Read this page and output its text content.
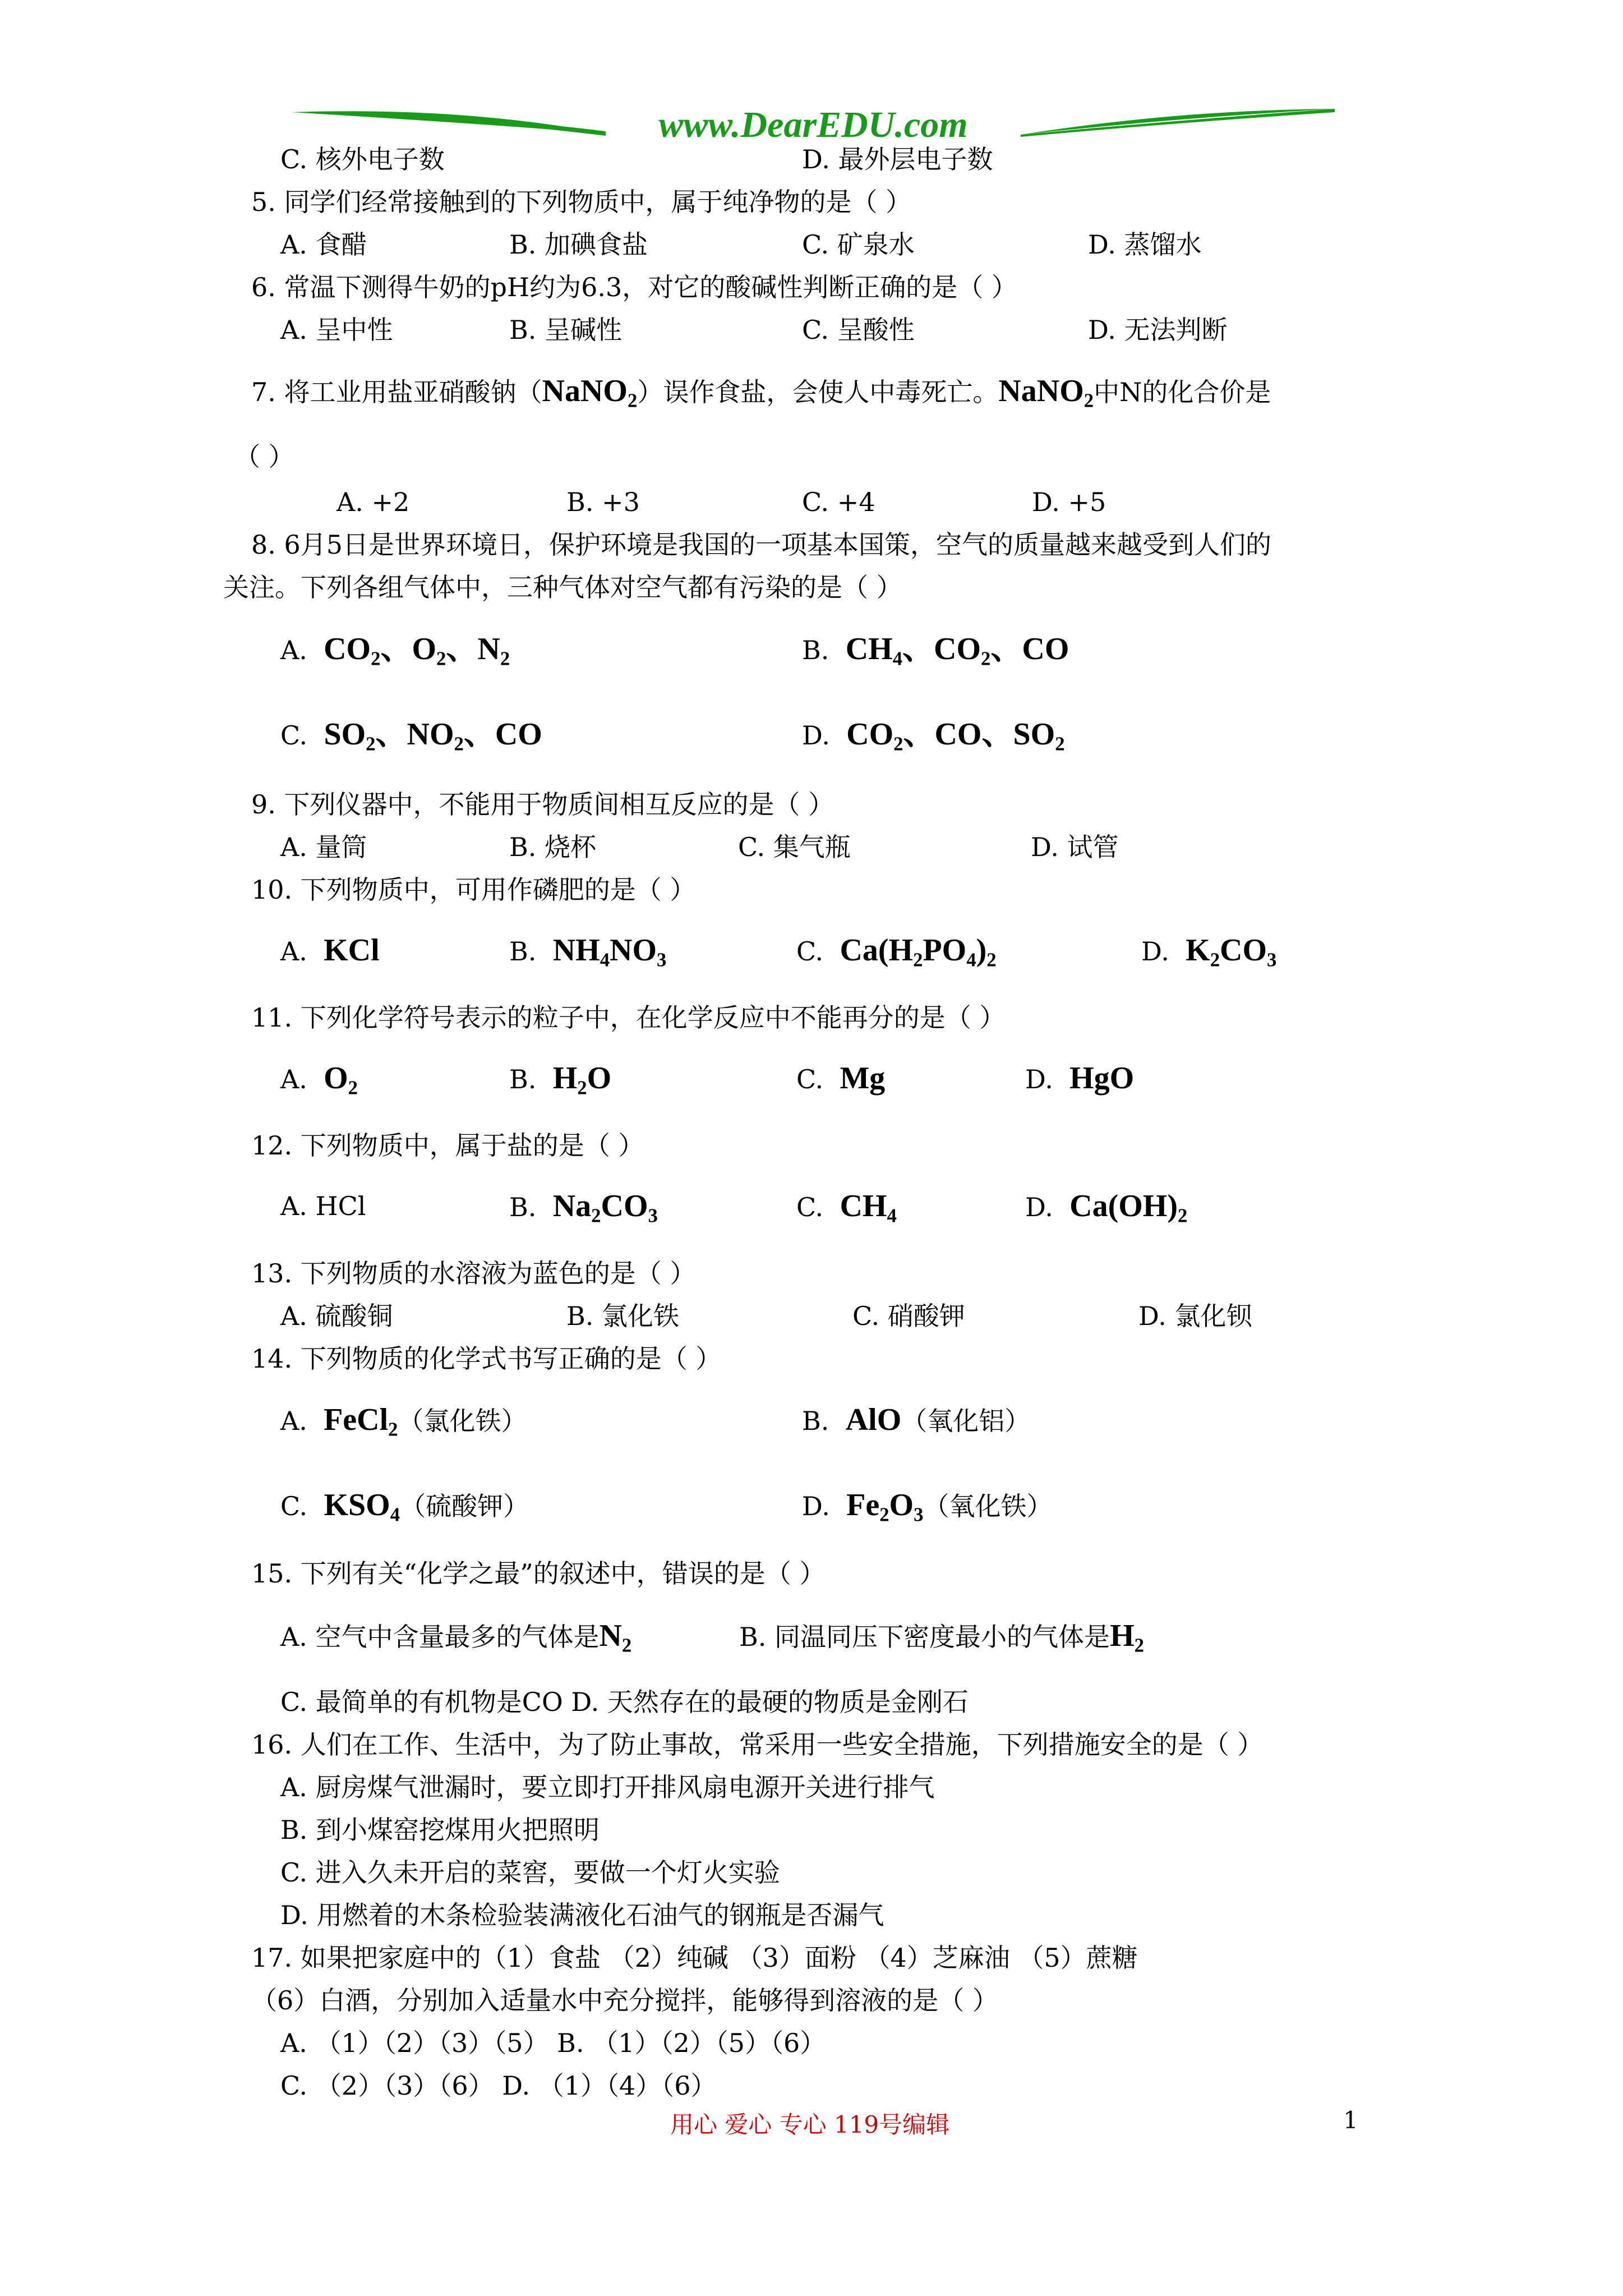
www.DearEDU.com
C. 核外电子数	D. 最外层电子数
5. 同学们经常接触到的下列物质中，属于纯净物的是（ ）
A. 食醋	B. 加碘食盐	C. 矿泉水	D. 蒸馏水
6. 常温下测得牛奶的pH约为6.3，对它的酸碱性判断正确的是（ ）
A. 呈中性	B. 呈碱性	C. 呈酸性	D. 无法判断
7. 将工业用盐亚硝酸钠（NaNO$_2$）误作食盐，会使人中毒死亡。NaNO$_2$中N的化合价是
（ ）
A. +2	B. +3	C. +4	D. +5
8. 6月5日是世界环境日，保护环境是我国的一项基本国策，空气的质量越来越受到人们的
关注。下列各组气体中，三种气体对空气都有污染的是（ ）
A. $CO_2$、$O_2$、$N_2$	B. $CH_4$、$CO_2$、CO
C. $SO_2$、$NO_2$、CO	D. $CO_2$、CO、$SO_2$
9. 下列仪器中，不能用于物质间相互反应的是（ ）
A. 量筒	B. 烧杯	C. 集气瓶	D. 试管
10. 下列物质中，可用作磷肥的是（ ）
A. KCl	B. $NH_4NO_3$	C. $Ca(H_2PO_4)_2$	D. $K_2CO_3$
11. 下列化学符号表示的粒子中，在化学反应中不能再分的是（ ）
A. $O_2$	B. $H_2O$	C. Mg	D. HgO
12. 下列物质中，属于盐的是（ ）
A. HCl	B. $Na_2CO_3$	C. $CH_4$	D. $Ca(OH)_2$
13. 下列物质的水溶液为蓝色的是（ ）
A. 硫酸铜	B. 氯化铁	C. 硝酸钾	D. 氯化钡
14. 下列物质的化学式书写正确的是（ ）
A. FeCl$_2$（氯化铁）	B. AlO（氧化铝）
C. $KSO_4$（硫酸钾）	D. $Fe_2O_3$（氧化铁）
15. 下列有关“化学之最”的叙述中，错误的是（ ）
A. 空气中含量最多的气体是$N_2$	B. 同温同压下密度最小的气体是$H_2$
C. 最简单的有机物是CO D. 天然存在的最硬的物质是金刚石
16. 人们在工作、生活中，为了防止事故，常采用一些安全措施，下列措施安全的是（ ）
A. 厨房煤气泄漏时，要立即打开排风扇电源开关进行排气
B. 到小煤窑挖煤用火把照明
C. 进入久未开启的菜窖，要做一个灯火实验
D. 用燃着的木条检验装满液化石油气的钢瓶是否漏气
17. 如果把家庭中的（1）食盐 （2）纯碱 （3）面粉 （4）芝麻油 （5）蔗糖
（6）白酒，分别加入适量水中充分搅拌，能够得到溶液的是（ ）
A. （1）（2）（3）（5） B. （1）（2）（5）（6）
C. （2）（3）（6） D. （1）（4）（6）
用心 爱心 专心 119号编辑	1
